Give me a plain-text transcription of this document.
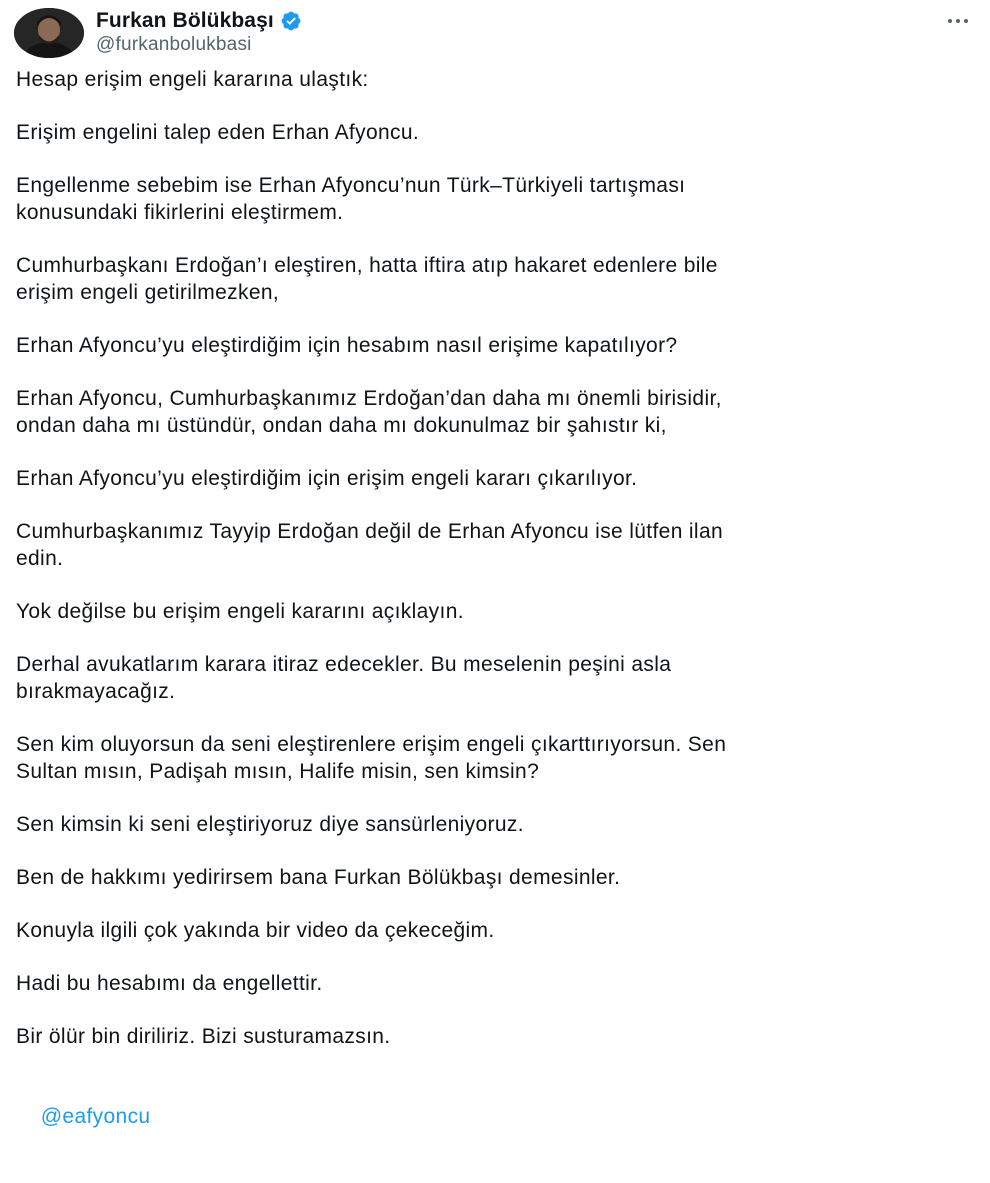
Furkan Bölükbaşı
@furkanbolukbasi

Hesap erişim engeli kararına ulaştık:

Erişim engelini talep eden Erhan Afyoncu.

Engellenme sebebim ise Erhan Afyoncu’nun Türk–Türkiyeli tartışması
konusundaki fikirlerini eleştirmem.

Cumhurbaşkanı Erdoğan’ı eleştiren, hatta iftira atıp hakaret edenlere bile
erişim engeli getirilmezken,

Erhan Afyoncu’yu eleştirdiğim için hesabım nasıl erişime kapatılıyor?

Erhan Afyoncu, Cumhurbaşkanımız Erdoğan’dan daha mı önemli birisidir,
ondan daha mı üstündür, ondan daha mı dokunulmaz bir şahıstır ki,

Erhan Afyoncu’yu eleştirdiğim için erişim engeli kararı çıkarılıyor.

Cumhurbaşkanımız Tayyip Erdoğan değil de Erhan Afyoncu ise lütfen ilan
edin.

Yok değilse bu erişim engeli kararını açıklayın.

Derhal avukatlarım karara itiraz edecekler. Bu meselenin peşini asla
bırakmayacağız.

Sen kim oluyorsun da seni eleştirenlere erişim engeli çıkarttırıyorsun. Sen
Sultan mısın, Padişah mısın, Halife misin, sen kimsin?

Sen kimsin ki seni eleştiriyoruz diye sansürleniyoruz.

Ben de hakkımı yedirirsem bana Furkan Bölükbaşı demesinler.

Konuyla ilgili çok yakında bir video da çekeceğim.

Hadi bu hesabımı da engellettir.

Bir ölür bin diriliriz. Bizi susturamazsın.

@eafyoncu
